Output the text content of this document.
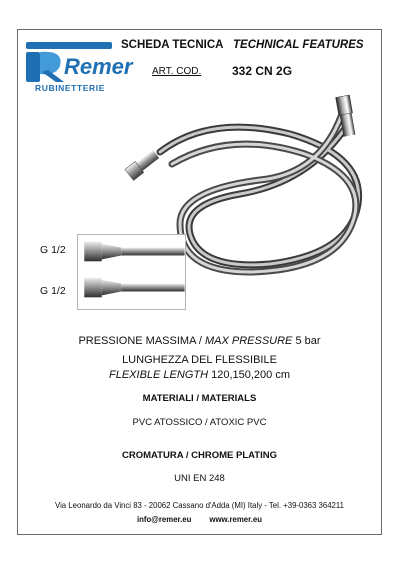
Remer
RUBINETTERIE
SCHEDA TECNICA TECHNICAL FEATURES
ART. COD.	332 CN 2G
G 1/2
G 1/2
PRESSIONE MASSIMA / MAX PRESSURE 5 bar
LUNGHEZZA DEL FLESSIBILE
FLEXIBLE LENGTH 120,150,200 cm
MATERIALI / MATERIALS
PVC ATOSSICO / ATOXIC PVC
CROMATURA / CHROME PLATING
UNI EN 248
Via Leonardo da Vinci 83 - 20062 Cassano d'Adda (MI) Italy - Tel. +39-0363 364211
info@remer.eu www.remer.eu
